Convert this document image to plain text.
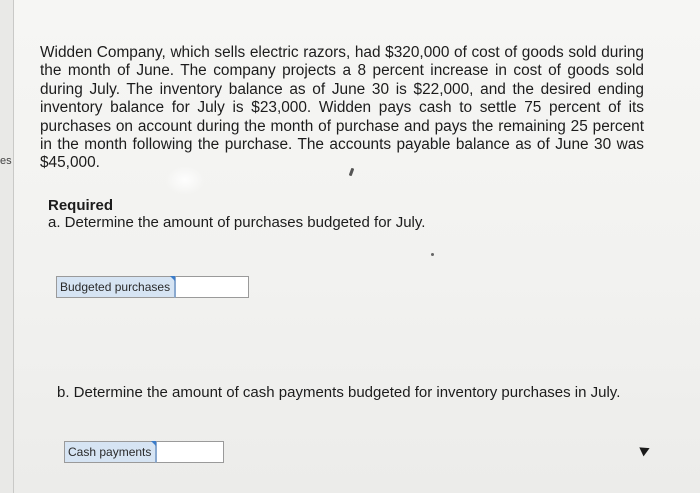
es

Widden Company, which sells electric razors, had $320,000 of cost of goods sold during the month of June. The company projects a 8 percent increase in cost of goods sold during July. The inventory balance as of June 30 is $22,000, and the desired ending inventory balance for July is $23,000. Widden pays cash to settle 75 percent of its purchases on account during the month of purchase and pays the remaining 25 percent in the month following the purchase. The accounts payable balance as of June 30 was $45,000.

Required

a. Determine the amount of purchases budgeted for July.

Budgeted purchases

b. Determine the amount of cash payments budgeted for inventory purchases in July.

Cash payments
